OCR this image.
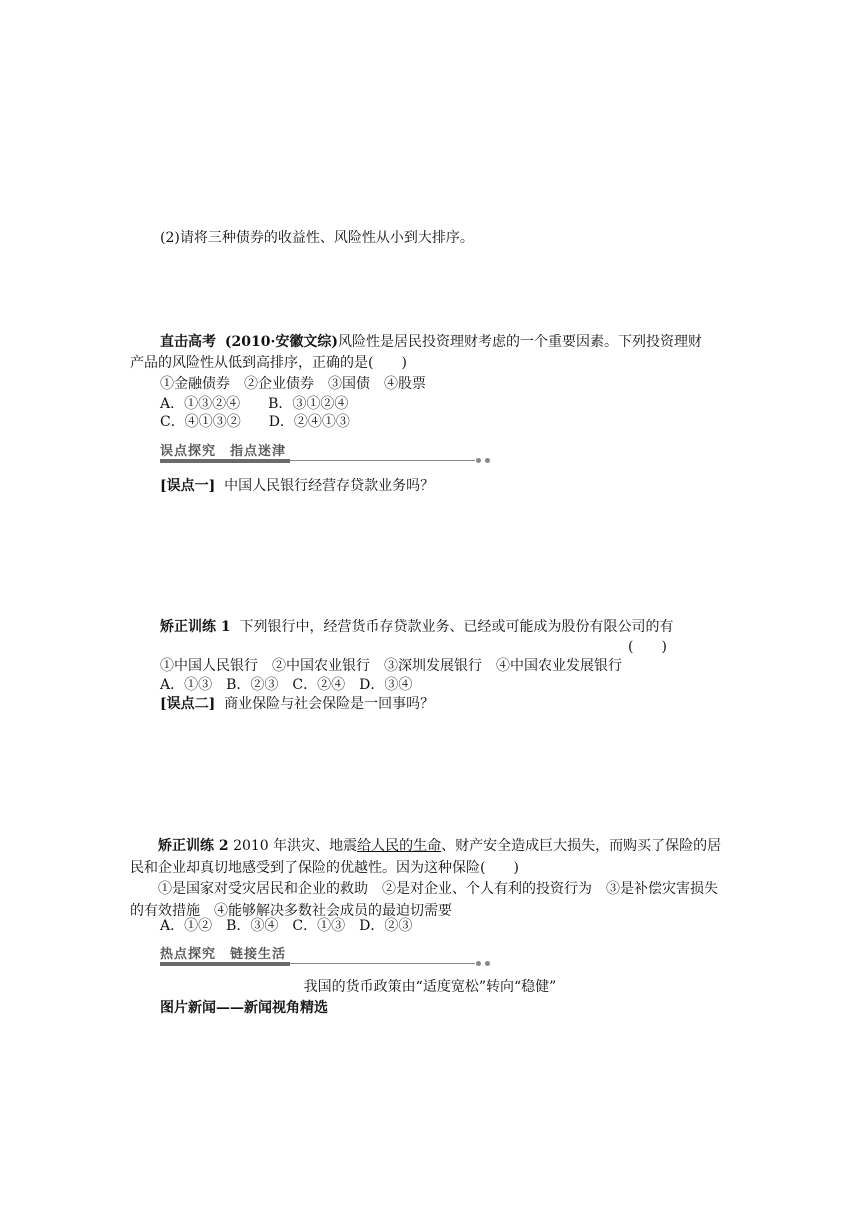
(2)请将三种债券的收益性、风险性从小到大排序。
直击高考 (2010·安徽文综)风险性是居民投资理财考虑的一个重要因素。下列投资理财
产品的风险性从低到高排序，正确的是(　　)
①金融债券　②企业债券　③国债　④股票
A．①③②④　　B．③①②④
C．④①③②　　D．②④①③
误点探究　指点迷津
[误点一] 中国人民银行经营存贷款业务吗？
矫正训练 1 下列银行中，经营货币存贷款业务、已经或可能成为股份有限公司的有
(　　)
①中国人民银行　②中国农业银行　③深圳发展银行　④中国农业发展银行
A．①③　B．②③　C．②④　D．③④
[误点二] 商业保险与社会保险是一回事吗？
矫正训练 2 2010 年洪灾、地震给人民的生命、财产安全造成巨大损失，而购买了保险的居民和企业却真切地感受到了保险的优越性。因为这种保险(　　)
①是国家对受灾居民和企业的救助　②是对企业、个人有利的投资行为　③是补偿灾害损失的有效措施　④能够解决多数社会成员的最迫切需要
A．①②　B．③④　C．①③　D．②③
热点探究　链接生活
我国的货币政策由“适度宽松”转向“稳健”
图片新闻——新闻视角精选
